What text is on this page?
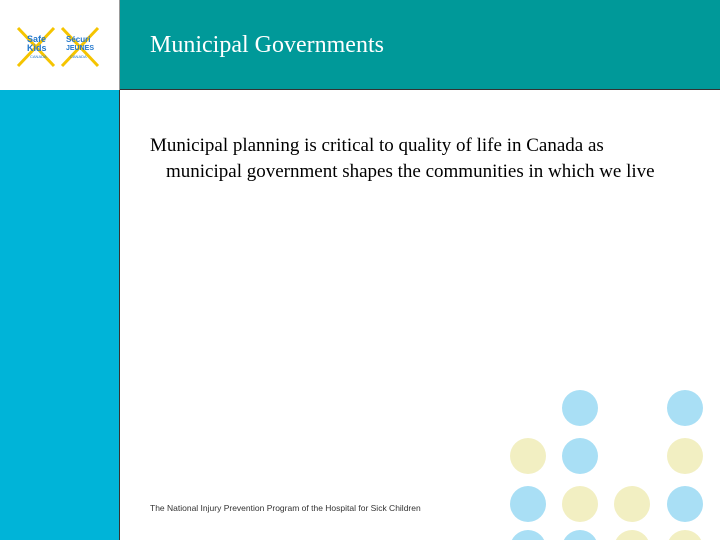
Safe
Kids
CANADA
Sécuri
JEUNES
CANADA	Municipal Governments
Municipal planning is critical to quality of life in Canada as municipal government shapes the communities in which we live
The National Injury Prevention Program of the Hospital for Sick Children
